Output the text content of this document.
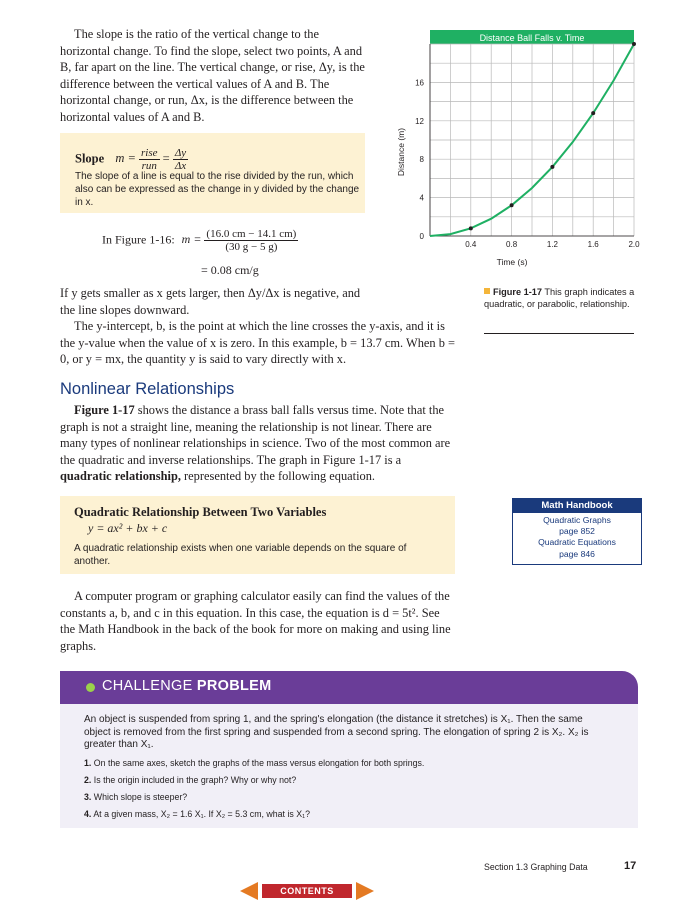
The slope is the ratio of the vertical change to the horizontal change. To find the slope, select two points, A and B, far apart on the line. The vertical change, or rise, Δy, is the difference between the vertical values of A and B. The horizontal change, or run, Δx, is the difference between the horizontal values of A and B.

Slope $m = \frac{\text{rise}}{\text{run}} = \frac{\Delta y}{\Delta x}$
The slope of a line is equal to the rise divided by the run, which also can be expressed as the change in y divided by the change in x.
In Figure 1-16: $m = \frac{(16.0 cm - 14.1 cm)}{(30 g - 5 g)}$
= 0.08 cm/g

If y gets smaller as x gets larger, then Δy/Δx is negative, and the line slopes downward.

The y-intercept, b, is the point at which the line crosses the y-axis, and it is the y-value when the value of x is zero. In this example, b = 13.7 cm. When b = 0, or y = mx, the quantity y is said to vary directly with x.

Nonlinear Relationships

Figure 1-17 shows the distance a brass ball falls versus time. Note that the graph is not a straight line, meaning the relationship is not linear. There are many types of nonlinear relationships in science. Two of the most common are the quadratic and inverse relationships. The graph in Figure 1-17 is a quadratic relationship, represented by the following equation.

Quadratic Relationship Between Two Variables
y = ax² + bx + c
A quadratic relationship exists when one variable depends on the square of another.

A computer program or graphing calculator easily can find the values of the constants a, b, and c in this equation. In this case, the equation is d = 5t². See the Math Handbook in the back of the book for more on making and using line graphs.

Distance Ball Falls v. Time
0.4	0.8	1.2	1.6	2.0
0
4
8
12
16
Time (s)
Distance (m)
Figure 1-17 This graph indicates a quadratic, or parabolic, relationship.
Math Handbook
Quadratic Graphs
page 852
Quadratic Equations
page 846
CHALLENGE PROBLEM
An object is suspended from spring 1, and the spring's elongation (the distance it stretches) is X₁. Then the same object is removed from the first spring and suspended from a second spring. The elongation of spring 2 is X₂. X₂ is greater than X₁.
1. On the same axes, sketch the graphs of the mass versus elongation for both springs.
2. Is the origin included in the graph? Why or why not?
3. Which slope is steeper?
4. At a given mass, X₂ = 1.6 X₁. If X₂ = 5.3 cm, what is X₁?
Section 1.3 Graphing Data	17
CONTENTS
